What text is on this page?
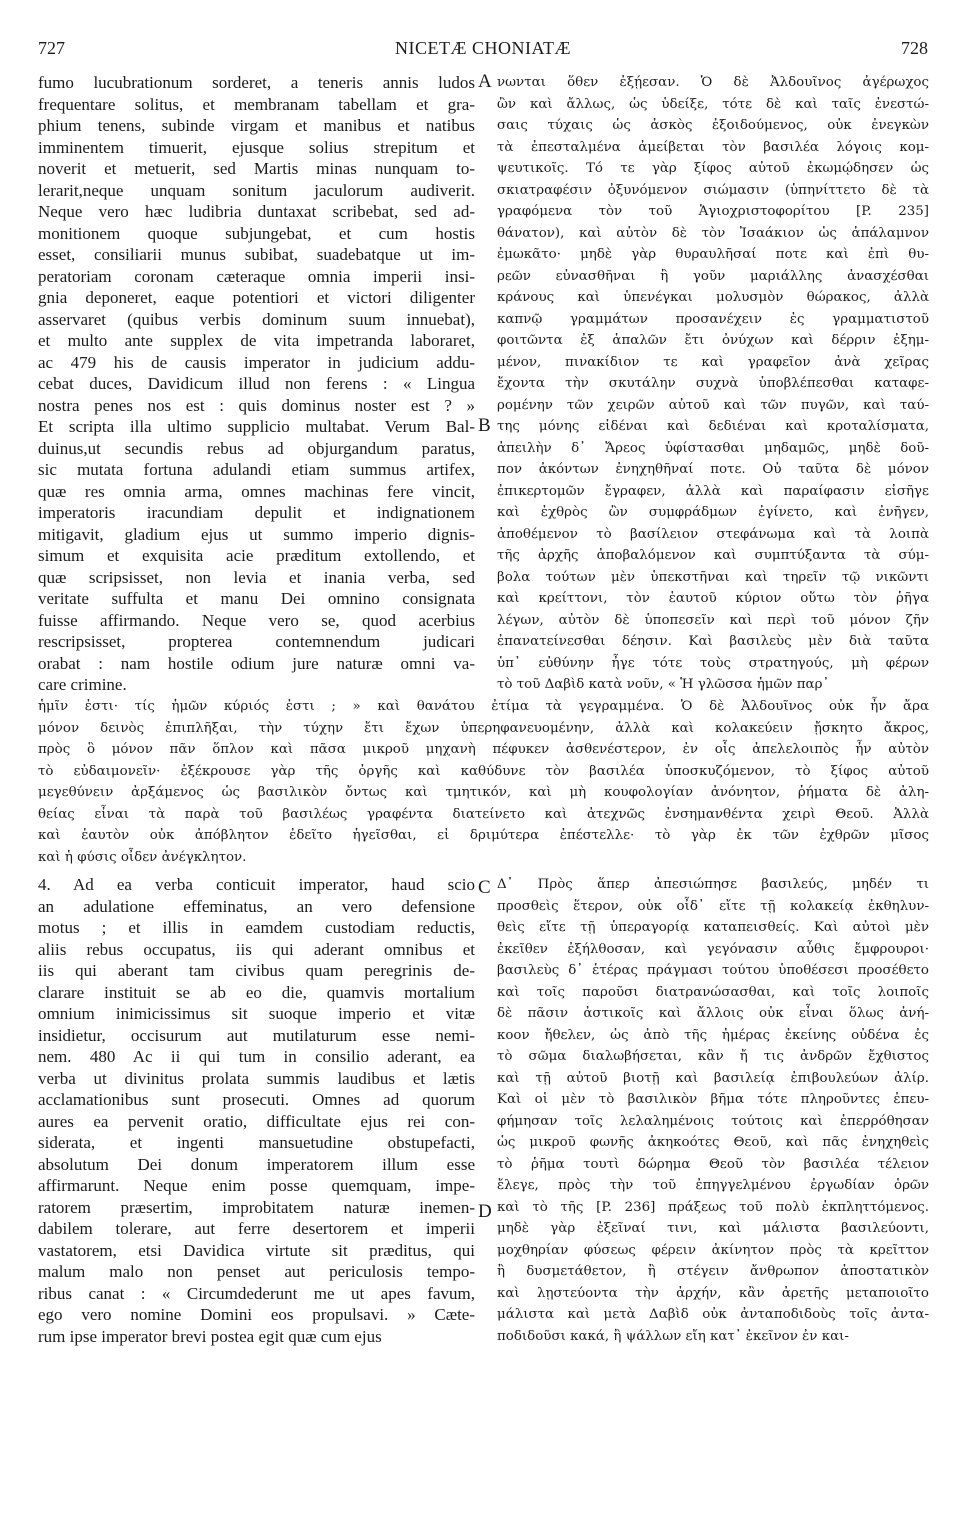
727	NICETÆ CHONIATÆ	728
fumo lucubrationum sorderet, a teneris annis ludos
frequentare solitus, et membranam tabellam et gra-
phium tenens, subinde virgam et manibus et natibus
imminentem timuerit, ejusque solius strepitum et
noverit et metuerit, sed Martis minas nunquam to-
lerarit,neque unquam sonitum jaculorum audiverit.
Neque vero hæc ludibria duntaxat scribebat, sed ad-
monitionem quoque subjungebat, et cum hostis
esset, consiliarii munus subibat, suadebatque ut im-
peratoriam coronam cæteraque omnia imperii insi-
gnia deponeret, eaque potentiori et victori diligenter
asservaret (quibus verbis dominum suum innuebat),
et multo ante supplex de vita impetranda laboraret,
ac 479 his de causis imperator in judicium addu-
cebat duces, Davidicum illud non ferens : « Lingua
nostra penes nos est : quis dominus noster est ? »
Et scripta illa ultimo supplicio multabat. Verum Bal-
duinus,ut secundis rebus ad objurgandum paratus,
sic mutata fortuna adulandi etiam summus artifex,
quæ res omnia arma, omnes machinas fere vincit,
imperatoris iracundiam depulit et indignationem
mitigavit, gladium ejus ut summo imperio dignis-
simum et exquisita acie præditum extollendo, et
quæ scripsisset, non levia et inania verba, sed
veritate suffulta et manu Dei omnino consignata
fuisse affirmando. Neque vero se, quod acerbius
rescripsisset, propterea contemnendum judicari
orabat : nam hostile odium jure naturæ omni va-
care crimine.
νωνται ὅθεν ἐξῄεσαν. Ὁ δὲ Ἀλδουῖνος ἀγέρωχος
ὢν καὶ ἄλλως, ὡς ὑδείξε, τότε δὲ καὶ ταῖς ἐνεστώ-
σαις τύχαις ὡς ἀσκὸς ἐξοιδούμενος, οὐκ ἐνεγκὼν
τὰ ἐπεσταλμένα ἀμείβεται τὸν βασιλέα λόγοις κομ-
ψευτικοῖς. Τό τε γὰρ ξίφος αὐτοῦ ἐκωμῴδησεν ὡς
σκιατραφέσιν ὀξυνόμενον σιώμασιν (ὑπηνίττετο δὲ τὰ
γραφόμενα τὸν τοῦ Ἁγιοχριστοφορίτου [P. 235]
θάνατον), καὶ αὐτὸν δὲ τὸν Ἰσαάκιον ὡς ἀπάλαμνον
ἐμωκᾶτο· μηδὲ γὰρ θυραυλῆσαί ποτε καὶ ἐπὶ θυ-
ρεῶν εὐνασθῆναι ἢ γοῦν μαριάλλης ἀνασχέσθαι
κράνους καὶ ὑπενέγκαι μολυσμὸν θώρακος, ἀλλὰ
καπνῷ γραμμάτων προσανέχειν ἐς γραμματιστοῦ
φοιτῶντα ἐξ ἁπαλῶν ἔτι ὀνύχων καὶ δέρριν ἐξημ-
μένον, πινακίδιον τε καὶ γραφεῖον ἀνὰ χεῖρας
ἔχοντα τὴν σκυτάλην συχνὰ ὑποβλέπεσθαι καταφε-
ρομένην τῶν χειρῶν αὐτοῦ καὶ τῶν πυγῶν, καὶ ταύ-
της μόνης εἰδέναι καὶ δεδιέναι καὶ κροταλίσματα,
ἀπειλὴν δ᾽ Ἄρεος ὑφίστασθαι μηδαμῶς, μηδὲ δοῦ-
πον ἀκόντων ἐνηχηθῆναί ποτε. Οὐ ταῦτα δὲ μόνον
ἐπικερτομῶν ἔγραφεν, ἀλλὰ καὶ παραίφασιν εἰσῆγε
καὶ ἐχθρὸς ὢν συμφράδμων ἐγίνετο, καὶ ἐνῆγεν,
ἀποθέμενον τὸ βασίλειον στεφάνωμα καὶ τὰ λοιπὰ
τῆς ἀρχῆς ἀποβαλόμενον καὶ συμπτύξαντα τὰ σύμ-
βολα τούτων μὲν ὑπεκστῆναι καὶ τηρεῖν τῷ νικῶντι
καὶ κρείττονι, τὸν ἑαυτοῦ κύριον οὕτω τὸν ῥῆγα
λέγων, αὐτὸν δὲ ὑποπεσεῖν καὶ περὶ τοῦ μόνον ζῆν
ἐπανατείνεσθαι δέησιν. Καὶ βασιλεὺς μὲν διὰ ταῦτα
ὑπ᾽ εὐθύνην ἦγε τότε τοὺς στρατηγούς, μὴ φέρων
τὸ τοῦ Δαβὶδ κατὰ νοῦν, « Ἡ γλῶσσα ἡμῶν παρ᾽
A
B
C
D
ἡμῖν ἐστι· τίς ἡμῶν κύριός ἐστι ; » καὶ θανάτου ἐτίμα τὰ γεγραμμένα. Ὁ δὲ Ἀλδουῖνος οὐκ ἦν ἄρα
μόνον δεινὸς ἐπιπλῆξαι, τὴν τύχην ἔτι ἔχων ὑπερηφανευομένην, ἀλλὰ καὶ κολακεύειν ᾔσκητο ἄκρος,
πρὸς ὃ μόνον πᾶν ὅπλον καὶ πᾶσα μικροῦ μηχανὴ πέφυκεν ἀσθενέστερον, ἐν οἷς ἀπελελοιπὸς ἦν αὐτὸν
τὸ εὐδαιμονεῖν· ἐξέκρουσε γὰρ τῆς ὀργῆς καὶ καθύδυνε τὸν βασιλέα ὑποσκυζόμενον, τὸ ξίφος αὐτοῦ
μεγεθύνειν ἀρξάμενος ὡς βασιλικὸν ὄντως καὶ τμητικόν, καὶ μὴ κουφολογίαν ἀνόνητον, ῥήματα δὲ ἀλη-
θείας εἶναι τὰ παρὰ τοῦ βασιλέως γραφέντα διατείνετο καὶ ἀτεχνῶς ἐνσημανθέντα χειρὶ Θεοῦ. Ἀλλὰ
καὶ ἑαυτὸν οὐκ ἀπόβλητον ἐδεῖτο ἡγεῖσθαι, εἰ δριμύτερα ἐπέστελλε· τὸ γὰρ ἐκ τῶν ἐχθρῶν μῖσος
καὶ ἡ φύσις οἶδεν ἀνέγκλητον.
4. Ad ea verba conticuit imperator, haud scio
an adulatione effeminatus, an vero defensione
motus ; et illis in eamdem custodiam reductis,
aliis rebus occupatus, iis qui aderant omnibus et
iis qui aberant tam civibus quam peregrinis de-
clarare instituit se ab eo die, quamvis mortalium
omnium inimicissimus sit suoque imperio et vitæ
insidietur, occisurum aut mutilaturum esse nemi-
nem. 480 Ac ii qui tum in consilio aderant, ea
verba ut divinitus prolata summis laudibus et lætis
acclamationibus sunt prosecuti. Omnes ad quorum
aures ea pervenit oratio, difficultate ejus rei con-
siderata, et ingenti mansuetudine obstupefacti,
absolutum Dei donum imperatorem illum esse
affirmarunt. Neque enim posse quemquam, impe-
ratorem præsertim, improbitatem naturæ inemen-
dabilem tolerare, aut ferre desertorem et imperii
vastatorem, etsi Davidica virtute sit præditus, qui
malum malo non penset aut periculosis tempo-
ribus canat : « Circumdederunt me ut apes favum,
ego vero nomine Domini eos propulsavi. » Cæte-
rum ipse imperator brevi postea egit quæ cum ejus
Δ᾽ Πρὸς ἅπερ ἀπεσιώπησε βασιλεύς, μηδέν τι
προσθεὶς ἕτερον, οὐκ οἶδ᾽ εἴτε τῇ κολακείᾳ ἐκθηλυν-
θεὶς εἴτε τῇ ὑπεραγορίᾳ καταπεισθείς. Καὶ αὐτοὶ μὲν
ἐκεῖθεν ἐξήλθοσαν, καὶ γεγόνασιν αὖθις ἔμφρουροι·
βασιλεὺς δ᾽ ἑτέρας πράγμασι τούτου ὑποθέσεσι προσέθετο
καὶ τοῖς παροῦσι διατρανώσασθαι, καὶ τοῖς λοιποῖς
δὲ πᾶσιν ἀστικοῖς καὶ ἄλλοις οὐκ εἶναι ὅλως ἀνή-
κοον ἤθελεν, ὡς ἀπὸ τῆς ἡμέρας ἐκείνης οὐδένα ἐς
τὸ σῶμα διαλωβήσεται, κἂν ἤ τις ἀνδρῶν ἔχθιστος
καὶ τῇ αὐτοῦ βιοτῇ καὶ βασιλείᾳ ἐπιβουλεύων ἀλίρ.
Καὶ οἱ μὲν τὸ βασιλικὸν βῆμα τότε πληροῦντες ἐπευ-
φήμησαν τοῖς λελαλημένοις τούτοις καὶ ἐπερρόθησαν
ὡς μικροῦ φωνῆς ἀκηκοότες Θεοῦ, καὶ πᾶς ἐνηχηθεὶς
τὸ ῥῆμα τουτὶ δώρημα Θεοῦ τὸν βασιλέα τέλειον
ἔλεγε, πρὸς τὴν τοῦ ἐπηγγελμένου ἐργωδίαν ὁρῶν
καὶ τὸ τῆς [P. 236] πράξεως τοῦ πολὺ ἐκπληττόμενος.
μηδὲ γὰρ ἐξεῖναί τινι, καὶ μάλιστα βασιλεύοντι,
μοχθηρίαν φύσεως φέρειν ἀκίνητον πρὸς τὰ κρεῖττον
ἢ δυσμετάθετον, ἢ στέγειν ἄνθρωπον ἀποστατικὸν
καὶ λῃστεύοντα τὴν ἀρχήν, κἂν ἀρετῆς μεταποιοῖτο
μάλιστα καὶ μετὰ Δαβὶδ οὐκ ἀνταποδιδοὺς τοῖς ἀντα-
ποδιδοῦσι κακά, ἢ ψάλλων εἴη κατ᾽ ἐκεῖνον ἐν και-
